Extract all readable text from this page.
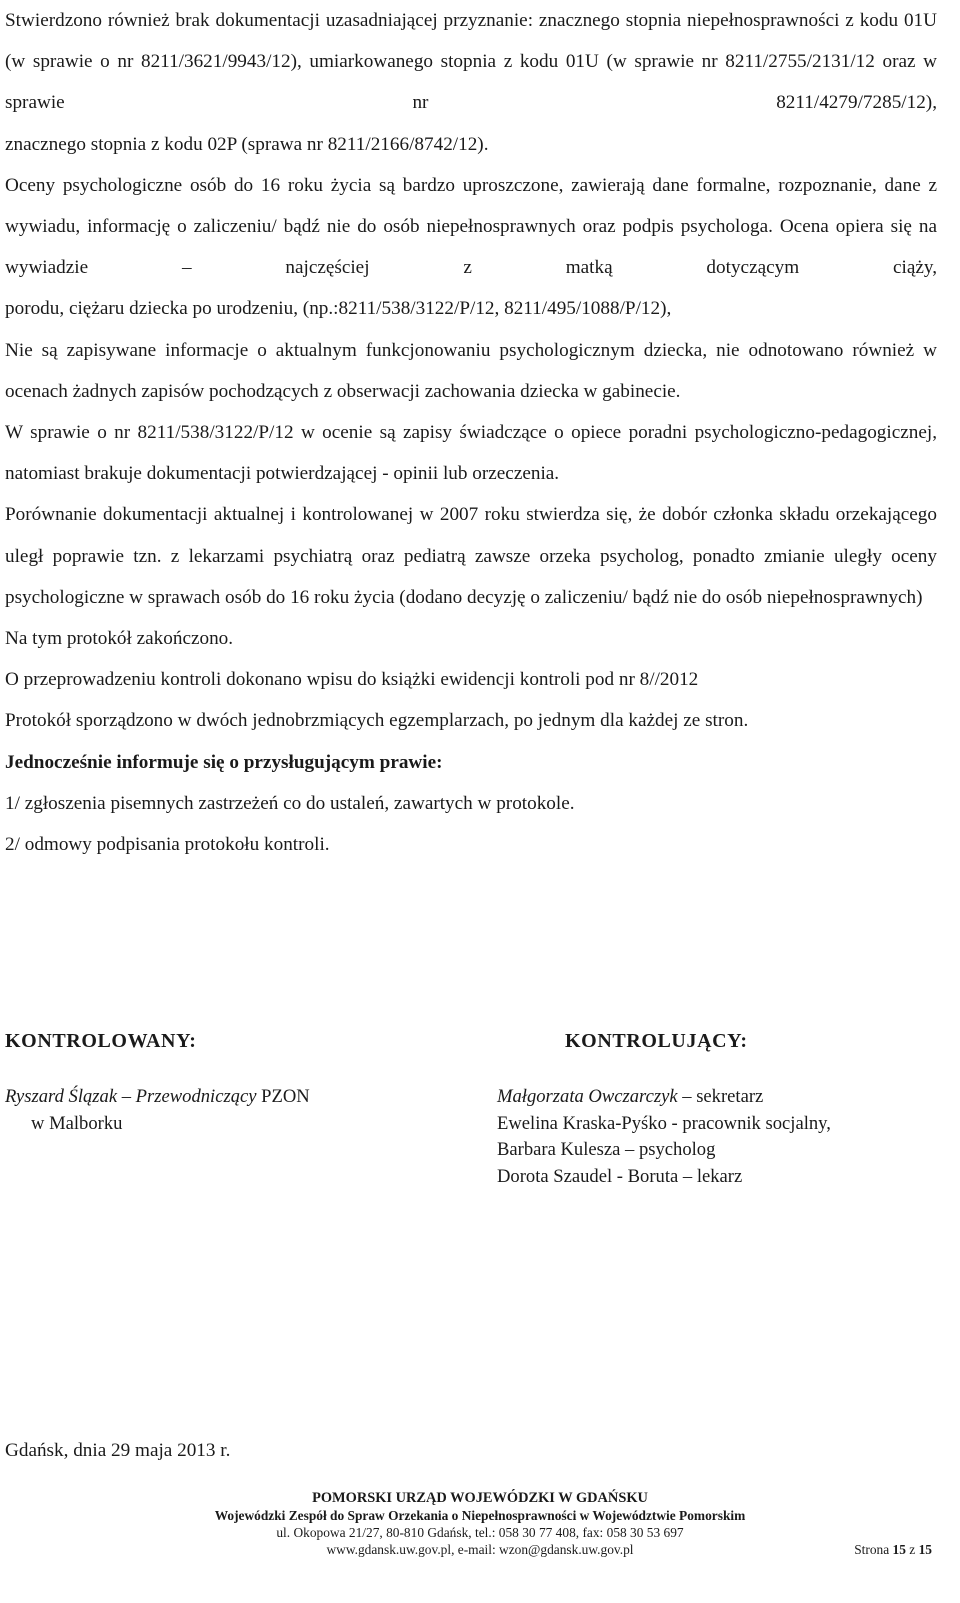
Stwierdzono również brak dokumentacji uzasadniającej przyznanie: znacznego stopnia niepełnosprawności z kodu 01U (w sprawie o nr 8211/3621/9943/12), umiarkowanego stopnia z kodu 01U (w sprawie nr 8211/2755/2131/12 oraz w sprawie nr 8211/4279/7285/12),

znacznego stopnia z kodu 02P (sprawa nr 8211/2166/8742/12).

Oceny psychologiczne osób do 16 roku życia są bardzo uproszczone, zawierają dane formalne, rozpoznanie, dane z wywiadu, informację o zaliczeniu/ bądź nie do osób niepełnosprawnych oraz podpis psychologa. Ocena opiera się na wywiadzie – najczęściej z matką dotyczącym ciąży,

porodu, ciężaru dziecka po urodzeniu, (np.:8211/538/3122/P/12, 8211/495/1088/P/12),

Nie są zapisywane informacje o aktualnym funkcjonowaniu psychologicznym dziecka, nie odnotowano również w ocenach żadnych zapisów pochodzących z obserwacji zachowania dziecka w gabinecie.

W sprawie o nr 8211/538/3122/P/12 w ocenie są zapisy świadczące o opiece poradni psychologiczno-pedagogicznej, natomiast brakuje dokumentacji potwierdzającej - opinii lub orzeczenia.

Porównanie dokumentacji aktualnej i kontrolowanej w 2007 roku stwierdza się, że dobór członka składu orzekającego uległ poprawie tzn. z lekarzami psychiatrą oraz pediatrą zawsze orzeka psycholog, ponadto zmianie uległy oceny psychologiczne w sprawach osób do 16 roku życia (dodano decyzję o zaliczeniu/ bądź nie do osób niepełnosprawnych)

Na tym protokół zakończono.

O przeprowadzeniu kontroli dokonano wpisu do książki ewidencji kontroli pod nr 8//2012

Protokół sporządzono w dwóch jednobrzmiących egzemplarzach, po jednym dla każdej ze stron.

Jednocześnie informuje się o przysługującym prawie:

1/ zgłoszenia pisemnych zastrzeżeń co do ustaleń, zawartych w protokole.

2/ odmowy podpisania protokołu kontroli.

KONTROLOWANY:	KONTROLUJĄCY:
Ryszard Ślązak – Przewodniczący PZON
w Malborku
Małgorzata Owczarczyk – sekretarz
Ewelina Kraska-Pyśko - pracownik socjalny,
Barbara Kulesza – psycholog
Dorota Szaudel - Boruta – lekarz
Gdańsk, dnia 29 maja 2013 r.
POMORSKI URZĄD WOJEWÓDZKI W GDAŃSKU
Wojewódzki Zespół do Spraw Orzekania o Niepełnosprawności w Województwie Pomorskim
ul. Okopowa 21/27, 80-810 Gdańsk, tel.: 058 30 77 408, fax: 058 30 53 697
www.gdansk.uw.gov.pl, e-mail: wzon@gdansk.uw.gov.pl	Strona 15 z 15
